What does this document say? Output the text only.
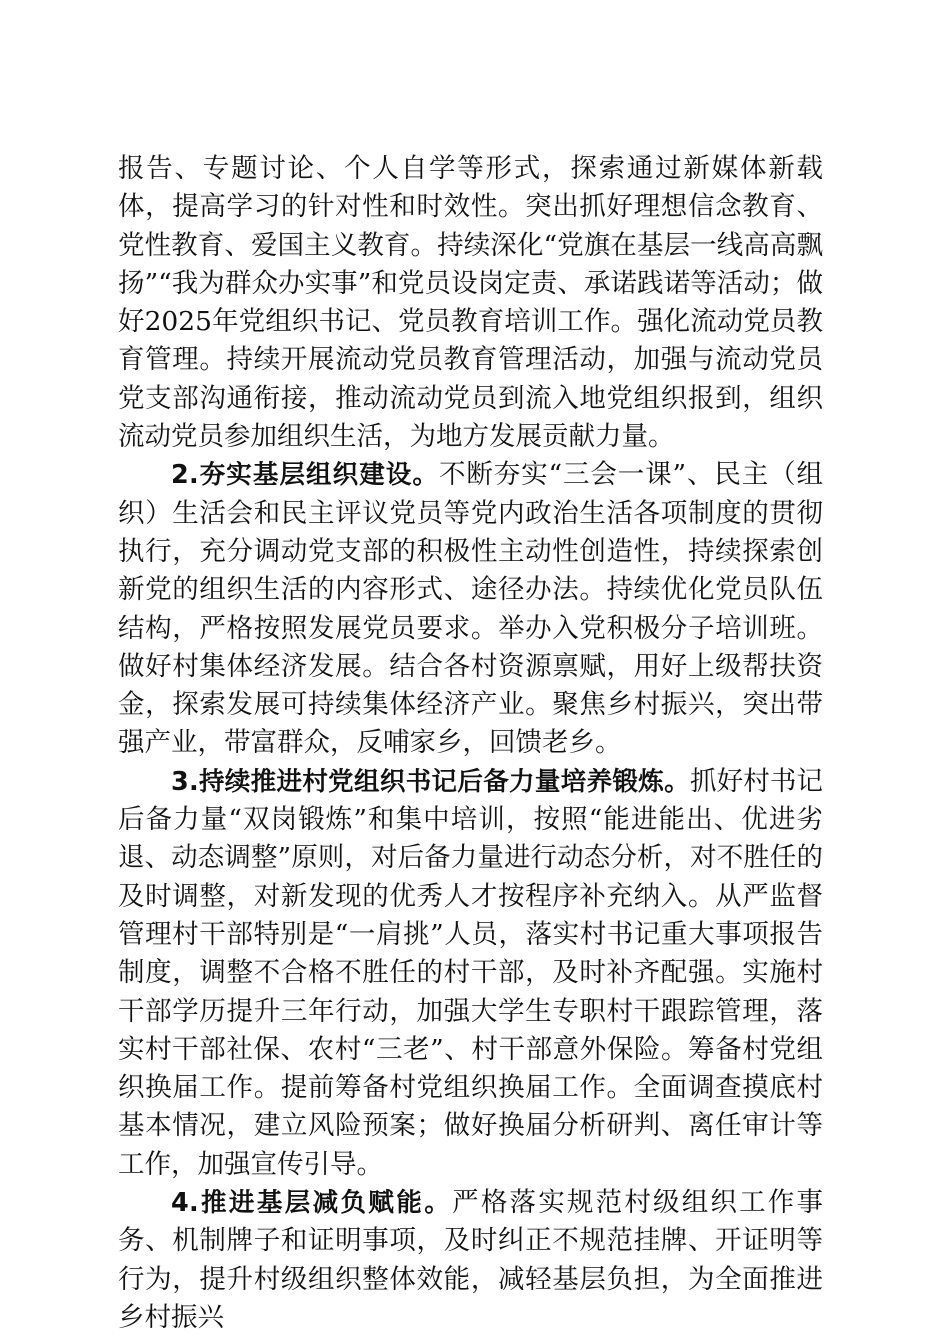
报告、专题讨论、个人自学等形式，探索通过新媒体新载体，提高学习的针对性和时效性。突出抓好理想信念教育、党性教育、爱国主义教育。持续深化“党旗在基层一线高高飘扬”“我为群众办实事”和党员设岗定责、承诺践诺等活动；做好2025年党组织书记、党员教育培训工作。强化流动党员教育管理。持续开展流动党员教育管理活动，加强与流动党员党支部沟通衔接，推动流动党员到流入地党组织报到，组织流动党员参加组织生活，为地方发展贡献力量。

2.夯实基层组织建设。不断夯实“三会一课”、民主（组织）生活会和民主评议党员等党内政治生活各项制度的贯彻执行，充分调动党支部的积极性主动性创造性，持续探索创新党的组织生活的内容形式、途径办法。持续优化党员队伍结构，严格按照发展党员要求。举办入党积极分子培训班。做好村集体经济发展。结合各村资源禀赋，用好上级帮扶资金，探索发展可持续集体经济产业。聚焦乡村振兴，突出带强产业，带富群众，反哺家乡，回馈老乡。

3.持续推进村党组织书记后备力量培养锻炼。抓好村书记后备力量“双岗锻炼”和集中培训，按照“能进能出、优进劣退、动态调整”原则，对后备力量进行动态分析，对不胜任的及时调整，对新发现的优秀人才按程序补充纳入。从严监督管理村干部特别是“一肩挑”人员，落实村书记重大事项报告制度，调整不合格不胜任的村干部，及时补齐配强。实施村干部学历提升三年行动，加强大学生专职村干跟踪管理，落实村干部社保、农村“三老”、村干部意外保险。筹备村党组织换届工作。提前筹备村党组织换届工作。全面调查摸底村基本情况，建立风险预案；做好换届分析研判、离任审计等工作，加强宣传引导。

4.推进基层减负赋能。严格落实规范村级组织工作事务、机制牌子和证明事项，及时纠正不规范挂牌、开证明等行为，提升村级组织整体效能，减轻基层负担，为全面推进乡村振兴
